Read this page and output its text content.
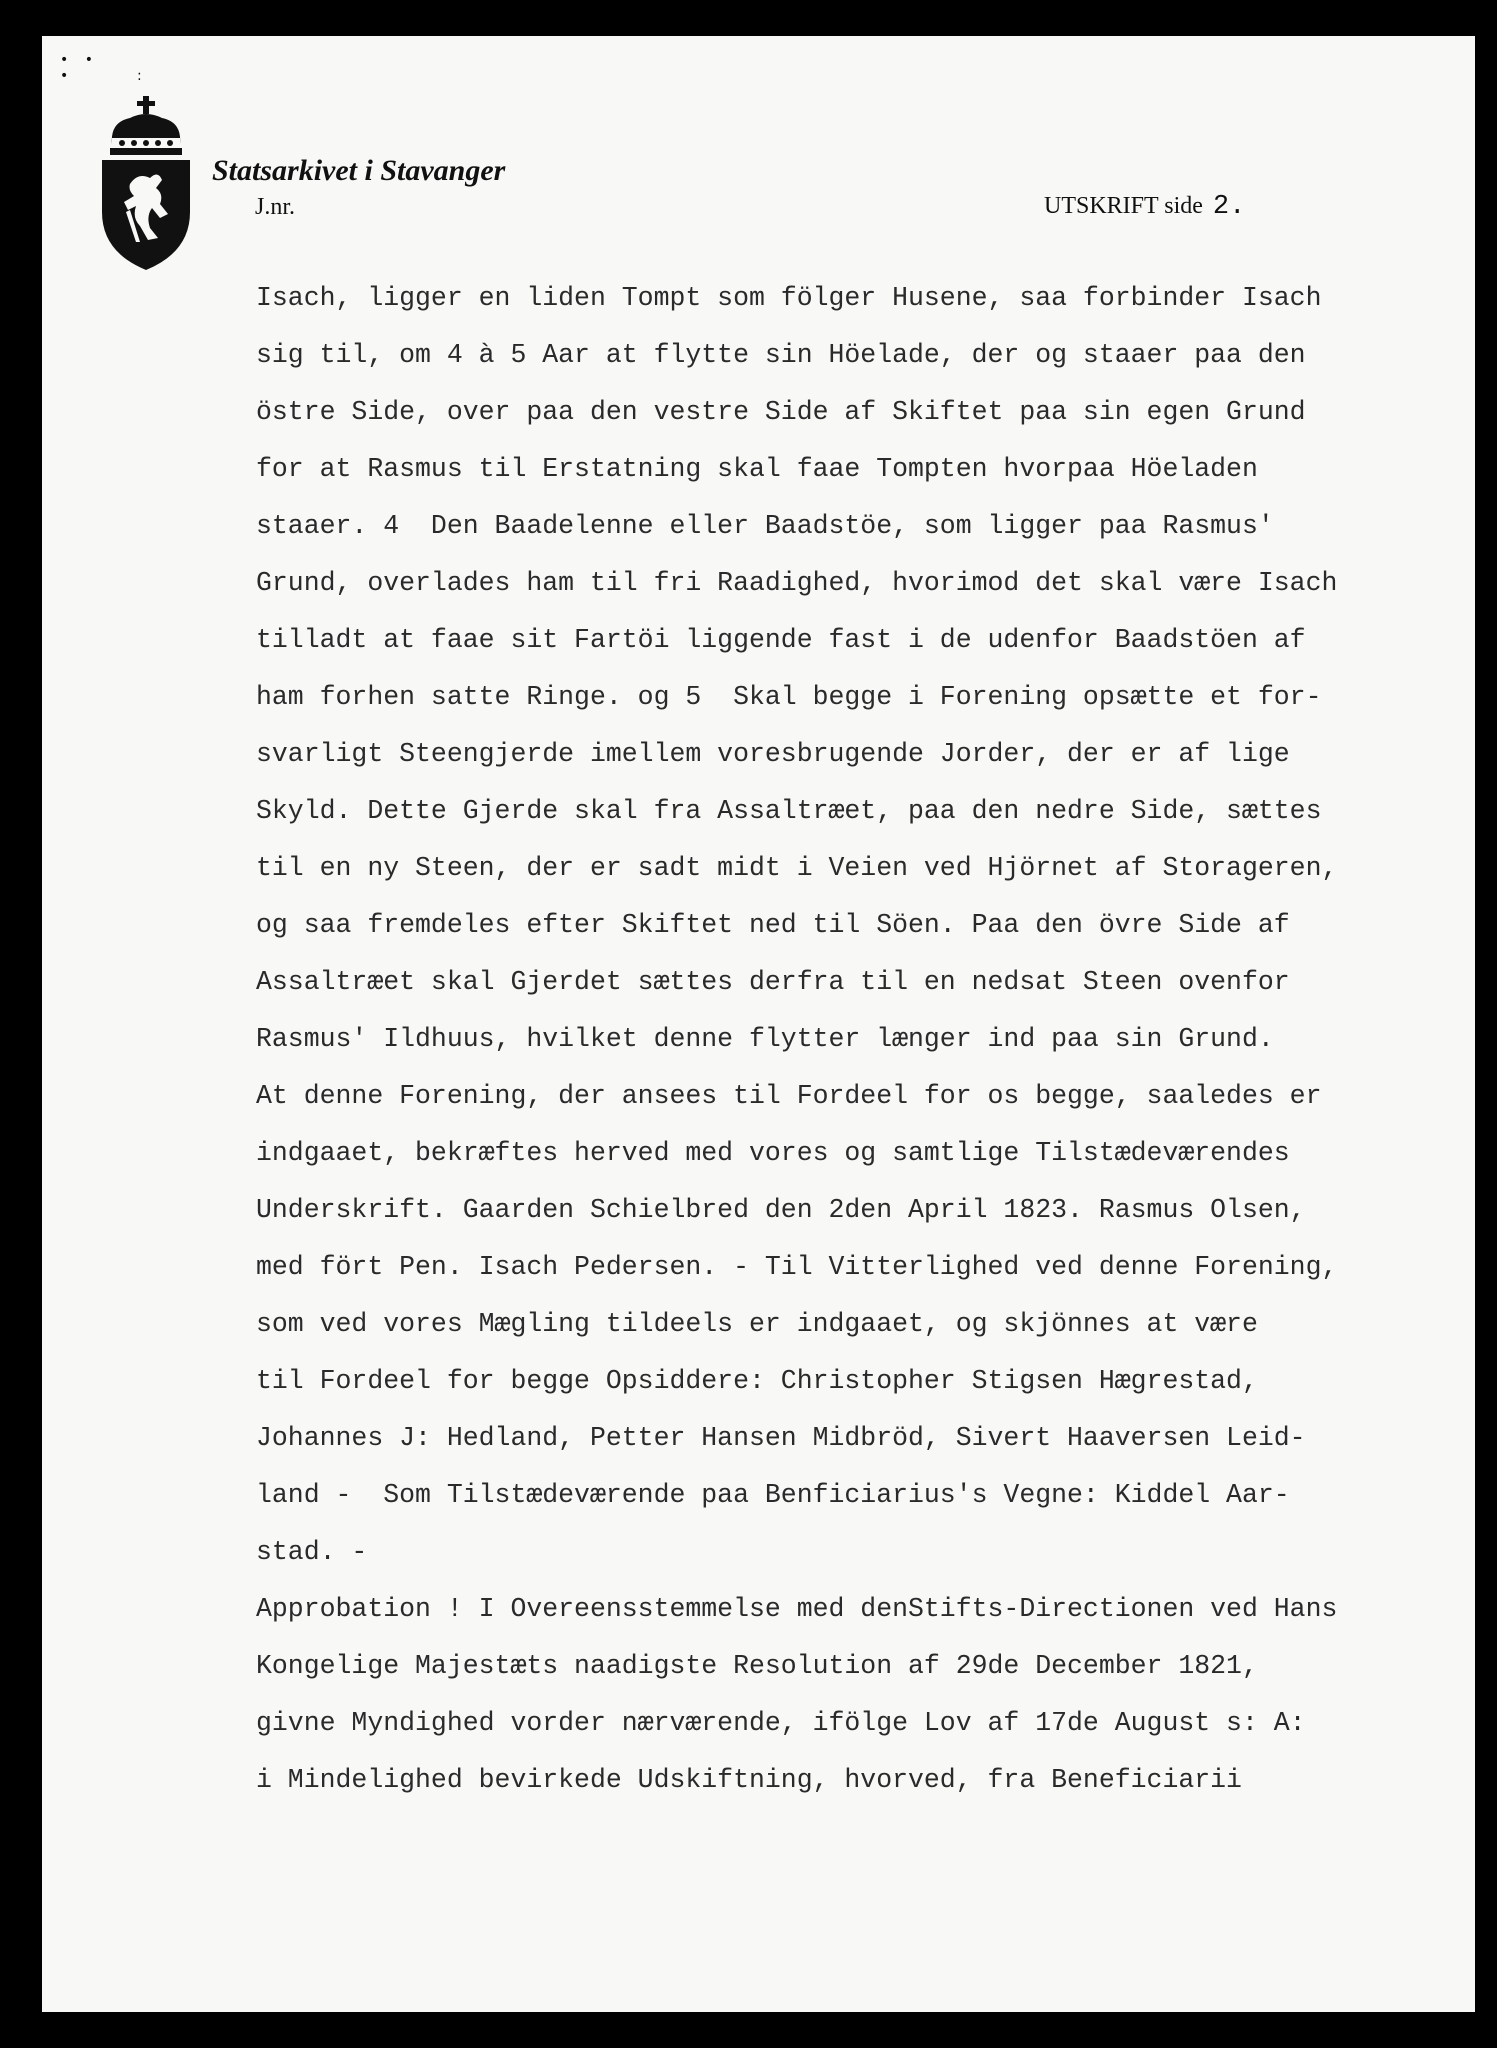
• •
•      :
Statsarkivet i Stavanger
J.nr.	UTSKRIFT side 2.
Isach, ligger en liden Tompt som fölger Husene, saa forbinder Isach
sig til, om 4 à 5 Aar at flytte sin Höelade, der og staaer paa den
östre Side, over paa den vestre Side af Skiftet paa sin egen Grund
for at Rasmus til Erstatning skal faae Tompten hvorpaa Höeladen
staaer. 4  Den Baadelenne eller Baadstöe, som ligger paa Rasmus'
Grund, overlades ham til fri Raadighed, hvorimod det skal være Isach
tilladt at faae sit Fartöi liggende fast i de udenfor Baadstöen af
ham forhen satte Ringe. og 5  Skal begge i Forening opsætte et for-
svarligt Steengjerde imellem voresbrugende Jorder, der er af lige
Skyld. Dette Gjerde skal fra Assaltræet, paa den nedre Side, sættes
til en ny Steen, der er sadt midt i Veien ved Hjörnet af Storageren,
og saa fremdeles efter Skiftet ned til Söen. Paa den övre Side af
Assaltræet skal Gjerdet sættes derfra til en nedsat Steen ovenfor
Rasmus' Ildhuus, hvilket denne flytter længer ind paa sin Grund.
At denne Forening, der ansees til Fordeel for os begge, saaledes er
indgaaet, bekræftes herved med vores og samtlige Tilstædeværendes
Underskrift. Gaarden Schielbred den 2den April 1823. Rasmus Olsen,
med fört Pen. Isach Pedersen. - Til Vitterlighed ved denne Forening,
som ved vores Mægling tildeels er indgaaet, og skjönnes at være
til Fordeel for begge Opsiddere: Christopher Stigsen Hægrestad,
Johannes J: Hedland, Petter Hansen Midbröd, Sivert Haaversen Leid-
land -  Som Tilstædeværende paa Benficiarius's Vegne: Kiddel Aar-
stad. -
Approbation ! I Overeensstemmelse med denStifts-Directionen ved Hans
Kongelige Majestæts naadigste Resolution af 29de December 1821,
givne Myndighed vorder nærværende, ifölge Lov af 17de August s: A:
i Mindelighed bevirkede Udskiftning, hvorved, fra Beneficiarii
